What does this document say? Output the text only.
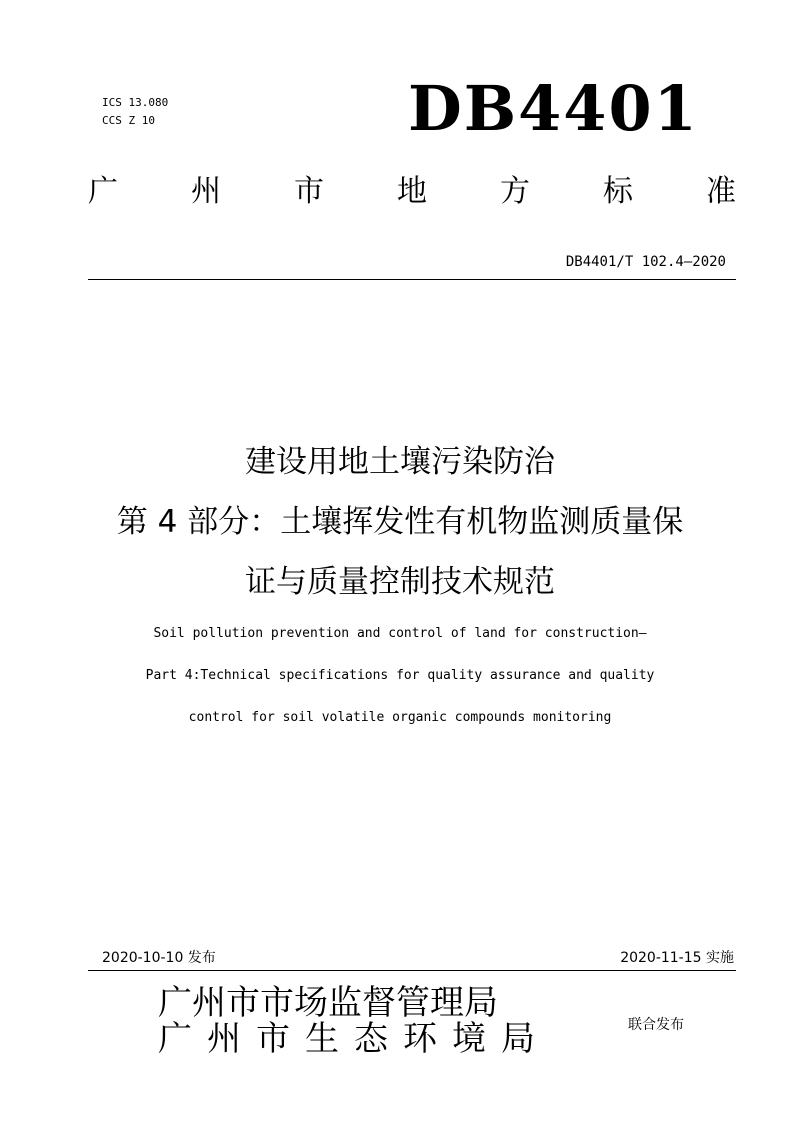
ICS 13.080
CCS Z 10	DB4401
广 州 市 地 方 标 准
DB4401/T 102.4—2020
建设用地土壤污染防治
第 4 部分：土壤挥发性有机物监测质量保
证与质量控制技术规范
Soil pollution prevention and control of land for construction—
Part 4:Technical specifications for quality assurance and quality
control for soil volatile organic compounds monitoring
2020-10-10 发布	2020-11-15 实施
广州市市场监督管理局
广州市生态环境局	联合发布
